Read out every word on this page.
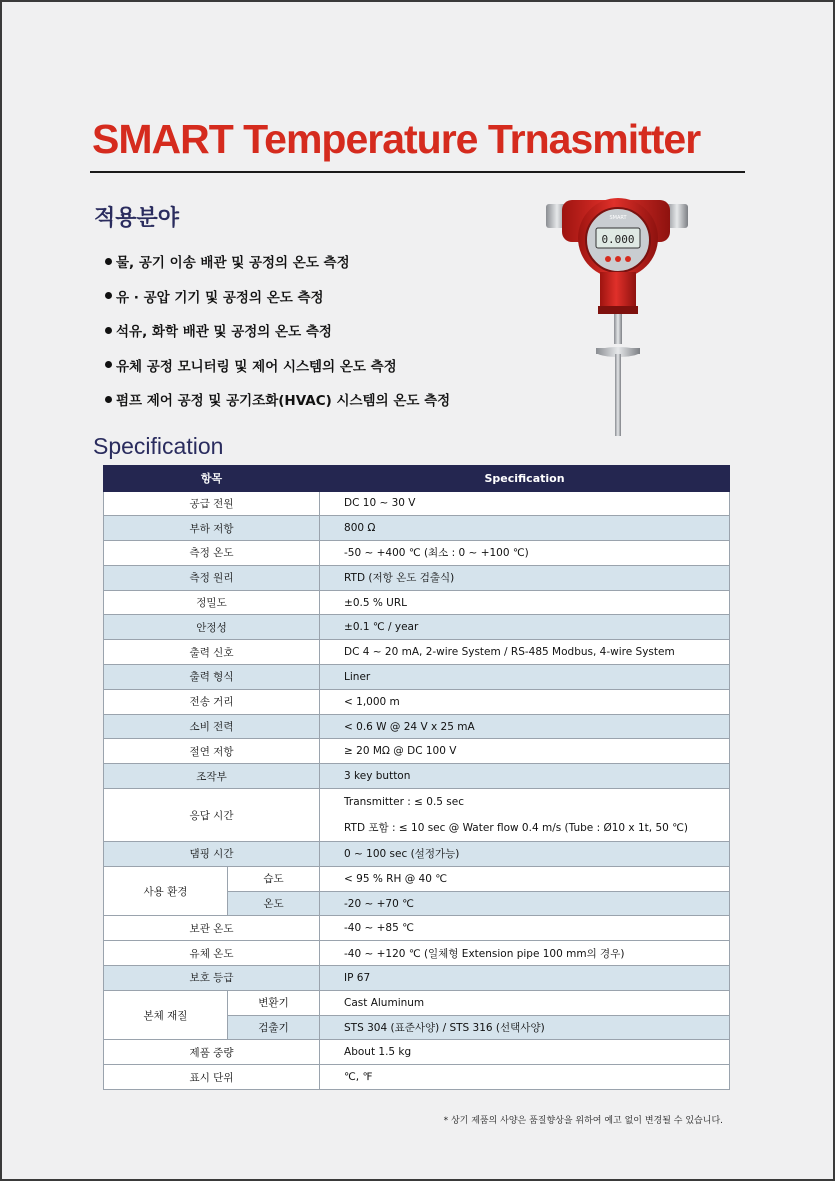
SMART Temperature Trnasmitter
적용분야
물, 공기 이송 배관 및 공정의 온도 측정
유 · 공압 기기 및 공정의 온도 측정
석유, 화학 배관 및 공정의 온도 측정
유체 공정 모니터링 및 제어 시스템의 온도 측정
펌프 제어 공정 및 공기조화(HVAC) 시스템의 온도 측정
0.000
SMART
Specification
항목		Specification
공급 전원		DC 10 ~ 30 V
부하 저항		800 Ω
측정 온도		-50 ~ +400 ℃ (최소 : 0 ~ +100 ℃)
측정 원리		RTD (저항 온도 검출식)
정밀도		±0.5 % URL
안정성		±0.1 ℃ / year
출력 신호		DC 4 ~ 20 mA, 2-wire System / RS-485 Modbus, 4-wire System
출력 형식		Liner
전송 거리		< 1,000 m
소비 전력		< 0.6 W @ 24 V x 25 mA
절연 저항		≥ 20 MΩ @ DC 100 V
조작부		3 key button
응답 시간		Transmitter : ≤ 0.5 sec
RTD 포함 : ≤ 10 sec @ Water flow 0.4 m/s (Tube : Ø10 x 1t, 50 ℃)

댐핑 시간		0 ~ 100 sec (설정가능)
사용 환경	습도	< 95 % RH @ 40 ℃
	온도	-20 ~ +70 ℃
보관 온도		-40 ~ +85 ℃
유체 온도		-40 ~ +120 ℃ (일체형 Extension pipe 100 mm의 경우)
보호 등급		IP 67
본체 재질	변환기	Cast Aluminum
	검출기	STS 304 (표준사양) / STS 316 (선택사양)
제품 중량		About 1.5 kg
표시 단위		℃, ℉
* 상기 제품의 사양은 품질향상을 위하여 예고 없이 변경될 수 있습니다.
